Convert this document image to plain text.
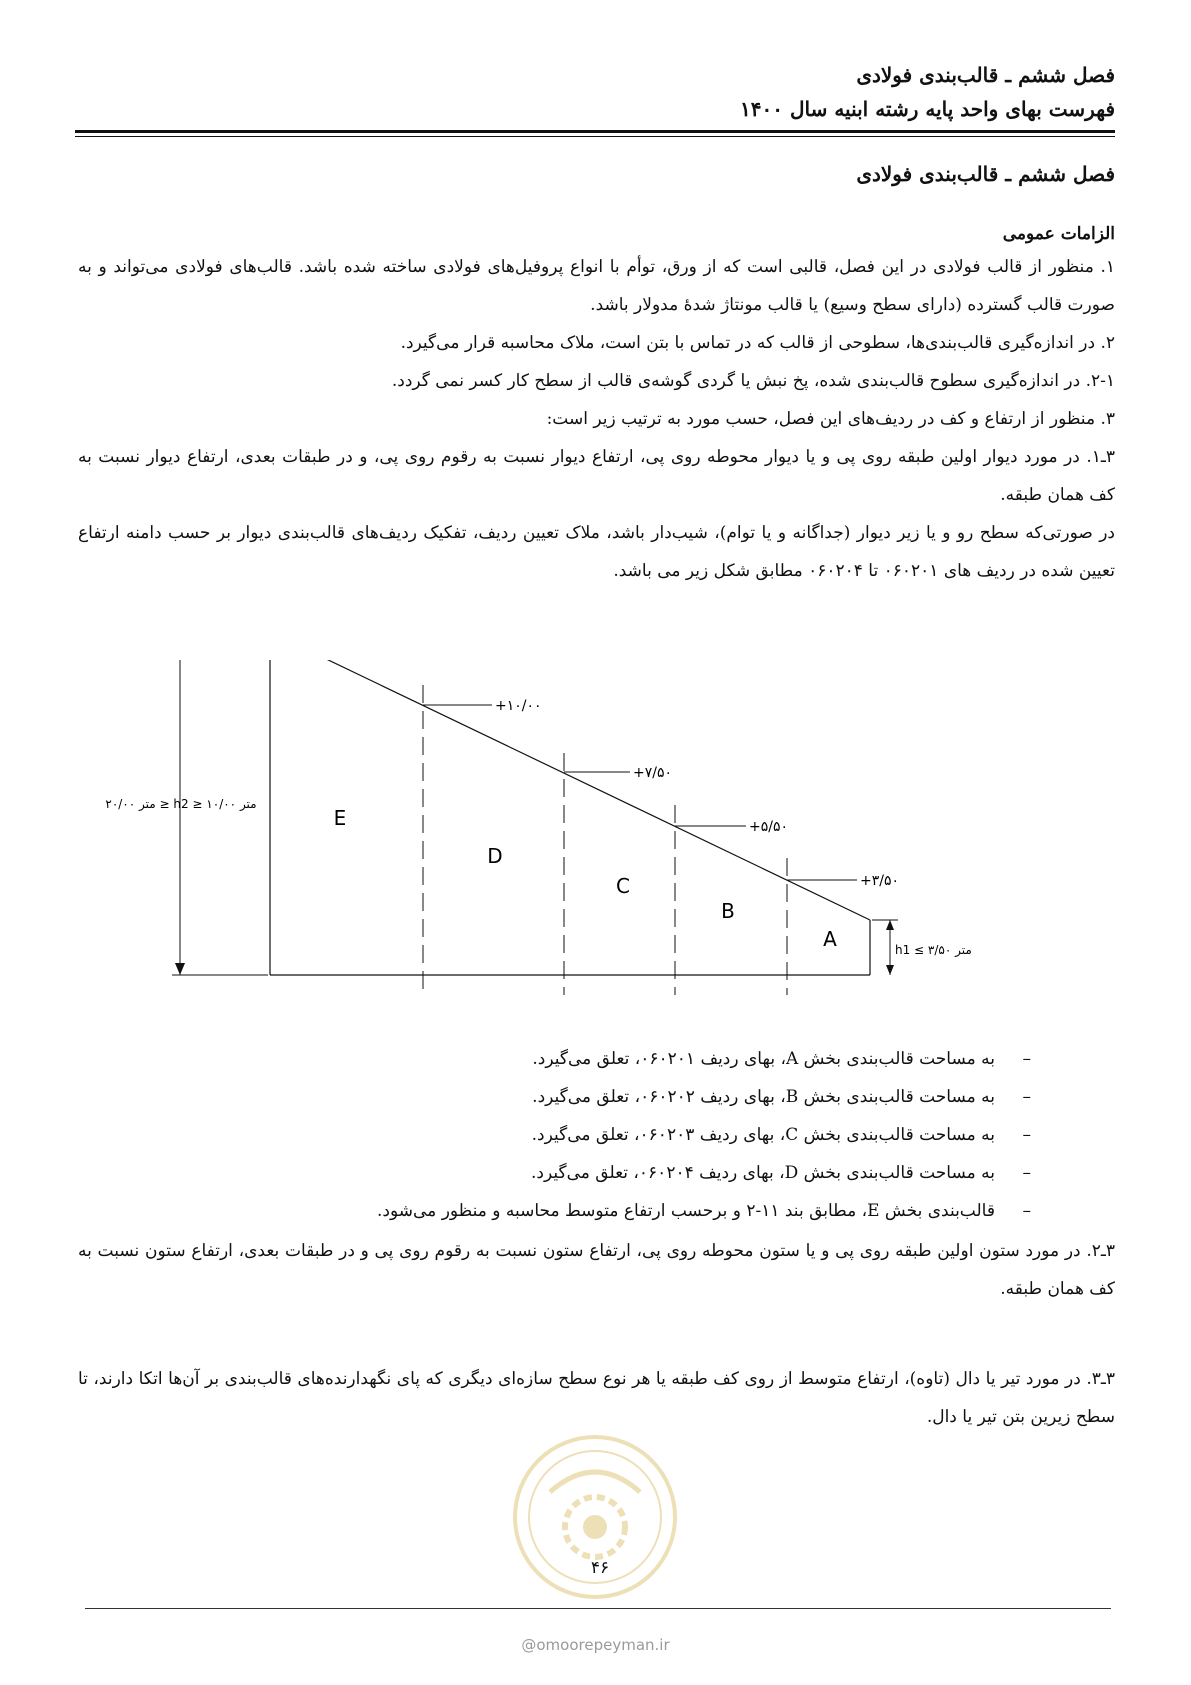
فصل ششم ـ قالب‌بندی فولادی
فهرست بهای واحد پایه رشته ابنیه سال ۱۴۰۰
فصل ششم ـ قالب‌بندی فولادی
الزامات عمومی

۱. منظور از قالب فولادی در این فصل، قالبی است که از ورق، توأم با انواع پروفیل‌های فولادی ساخته شده باشد. قالب‌های فولادی می‌تواند و به صورت قالب گسترده (دارای سطح وسیع) یا قالب مونتاژ شدهٔ مدولار باشد.

۲. در اندازه‌گیری قالب‌بندی‌ها، سطوحی از قالب که در تماس با بتن است، ملاک محاسبه قرار می‌گیرد.

۲-۱. در اندازه‌گیری سطوح قالب‌بندی شده، پخ نبش یا گردی گوشه‌ی قالب از سطح کار کسر نمی گردد.

۳. منظور از ارتفاع و کف در ردیف‌های این فصل، حسب مورد به ترتیب زیر است:

۳ـ۱. در مورد دیوار اولین طبقه روی پی و یا دیوار محوطه روی پی، ارتفاع دیوار نسبت به رقوم روی پی، و در طبقات بعدی، ارتفاع دیوار نسبت به کف همان طبقه.

در صورتی‌که سطح رو و یا زیر دیوار (جداگانه و یا توام)، شیب‌دار باشد، ملاک تعیین ردیف، تفکیک ردیف‌های قالب‌بندی دیوار بر حسب دامنه ارتفاع تعیین شده در ردیف های ۰۶۰۲۰۱ تا ۰۶۰۲۰۴ مطابق شکل زیر می باشد.

+۱۰/۰۰
+۷/۵۰
+۵/۵۰
+۳/۵۰
E
D
C
B
A
متر ۲۰/۰۰ ≥ h2 ≥ متر ۱۰/۰۰
h1 ≤ ۳/۵۰ متر
–
به مساحت قالب‌بندی بخش A، بهای ردیف ۰۶۰۲۰۱، تعلق می‌گیرد.
–
به مساحت قالب‌بندی بخش B، بهای ردیف ۰۶۰۲۰۲، تعلق می‌گیرد.
–
به مساحت قالب‌بندی بخش C، بهای ردیف ۰۶۰۲۰۳، تعلق می‌گیرد.
–
به مساحت قالب‌بندی بخش D، بهای ردیف ۰۶۰۲۰۴، تعلق می‌گیرد.
–
قالب‌بندی بخش E، مطابق بند ۱۱-۲ و برحسب ارتفاع متوسط محاسبه و منظور می‌شود.

۳ـ۲. در مورد ستون اولین طبقه روی پی و یا ستون محوطه روی پی، ارتفاع ستون نسبت به رقوم روی پی و در طبقات بعدی، ارتفاع ستون نسبت به کف همان طبقه.

۳ـ۳. در مورد تیر یا دال (تاوه)، ارتفاع متوسط از روی کف طبقه یا هر نوع سطح سازه‌ای دیگری که پای نگهدارنده‌های قالب‌بندی بر آن‌ها اتکا دارند، تا سطح زیرین بتن تیر یا دال.

۴۶
@omoorepeyman.ir
